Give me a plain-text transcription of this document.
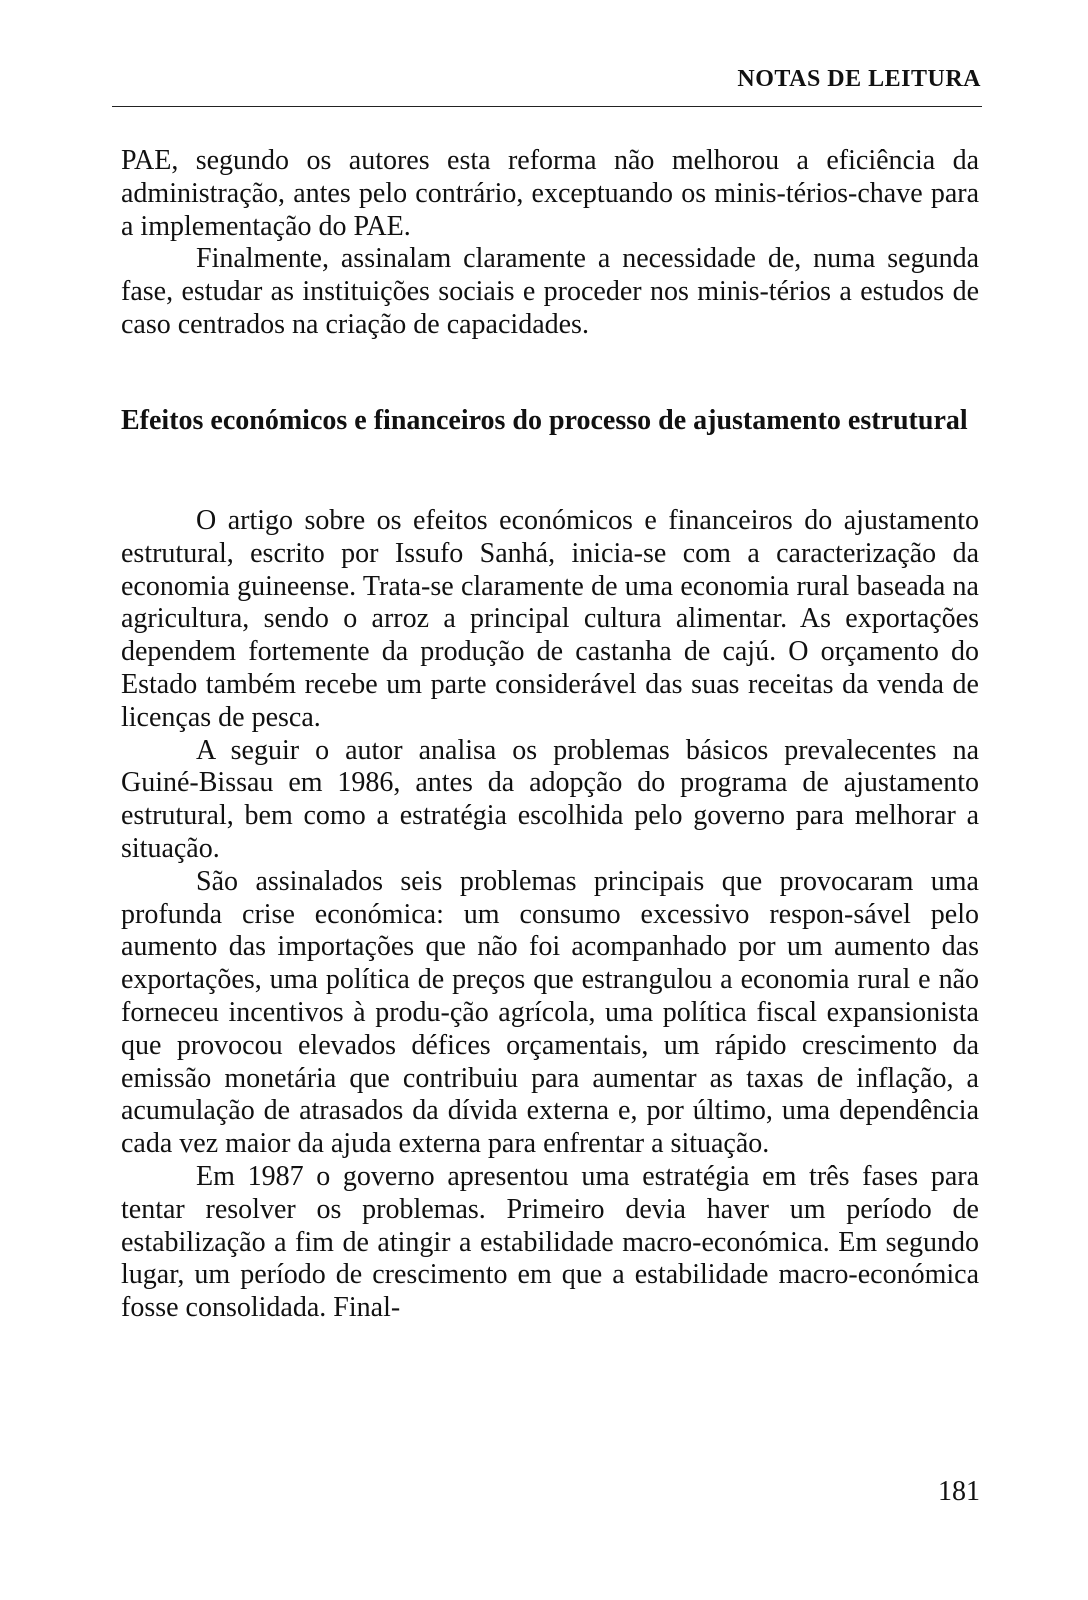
NOTAS DE LEITURA

PAE, segundo os autores esta reforma não melhorou a eficiência da administração, antes pelo contrário, exceptuando os minis-térios-chave para a implementação do PAE.

Finalmente, assinalam claramente a necessidade de, numa segunda fase, estudar as instituições sociais e proceder nos minis-térios a estudos de caso centrados na criação de capacidades.

Efeitos económicos e financeiros do processo de ajustamento estrutural

O artigo sobre os efeitos económicos e financeiros do ajustamento estrutural, escrito por Issufo Sanhá, inicia-se com a caracterização da economia guineense. Trata-se claramente de uma economia rural baseada na agricultura, sendo o arroz a principal cultura alimentar. As exportações dependem fortemente da produção de castanha de cajú. O orçamento do Estado também recebe um parte considerável das suas receitas da venda de licenças de pesca.

A seguir o autor analisa os problemas básicos prevalecentes na Guiné-Bissau em 1986, antes da adopção do programa de ajustamento estrutural, bem como a estratégia escolhida pelo governo para melhorar a situação.

São assinalados seis problemas principais que provocaram uma profunda crise económica: um consumo excessivo respon-sável pelo aumento das importações que não foi acompanhado por um aumento das exportações, uma política de preços que estrangulou a economia rural e não forneceu incentivos à produ-ção agrícola, uma política fiscal expansionista que provocou elevados défices orçamentais, um rápido crescimento da emissão monetária que contribuiu para aumentar as taxas de inflação, a acumulação de atrasados da dívida externa e, por último, uma dependência cada vez maior da ajuda externa para enfrentar a situação.

Em 1987 o governo apresentou uma estratégia em três fases para tentar resolver os problemas. Primeiro devia haver um período de estabilização a fim de atingir a estabilidade macro-económica. Em segundo lugar, um período de crescimento em que a estabilidade macro-económica fosse consolidada. Final-

181
